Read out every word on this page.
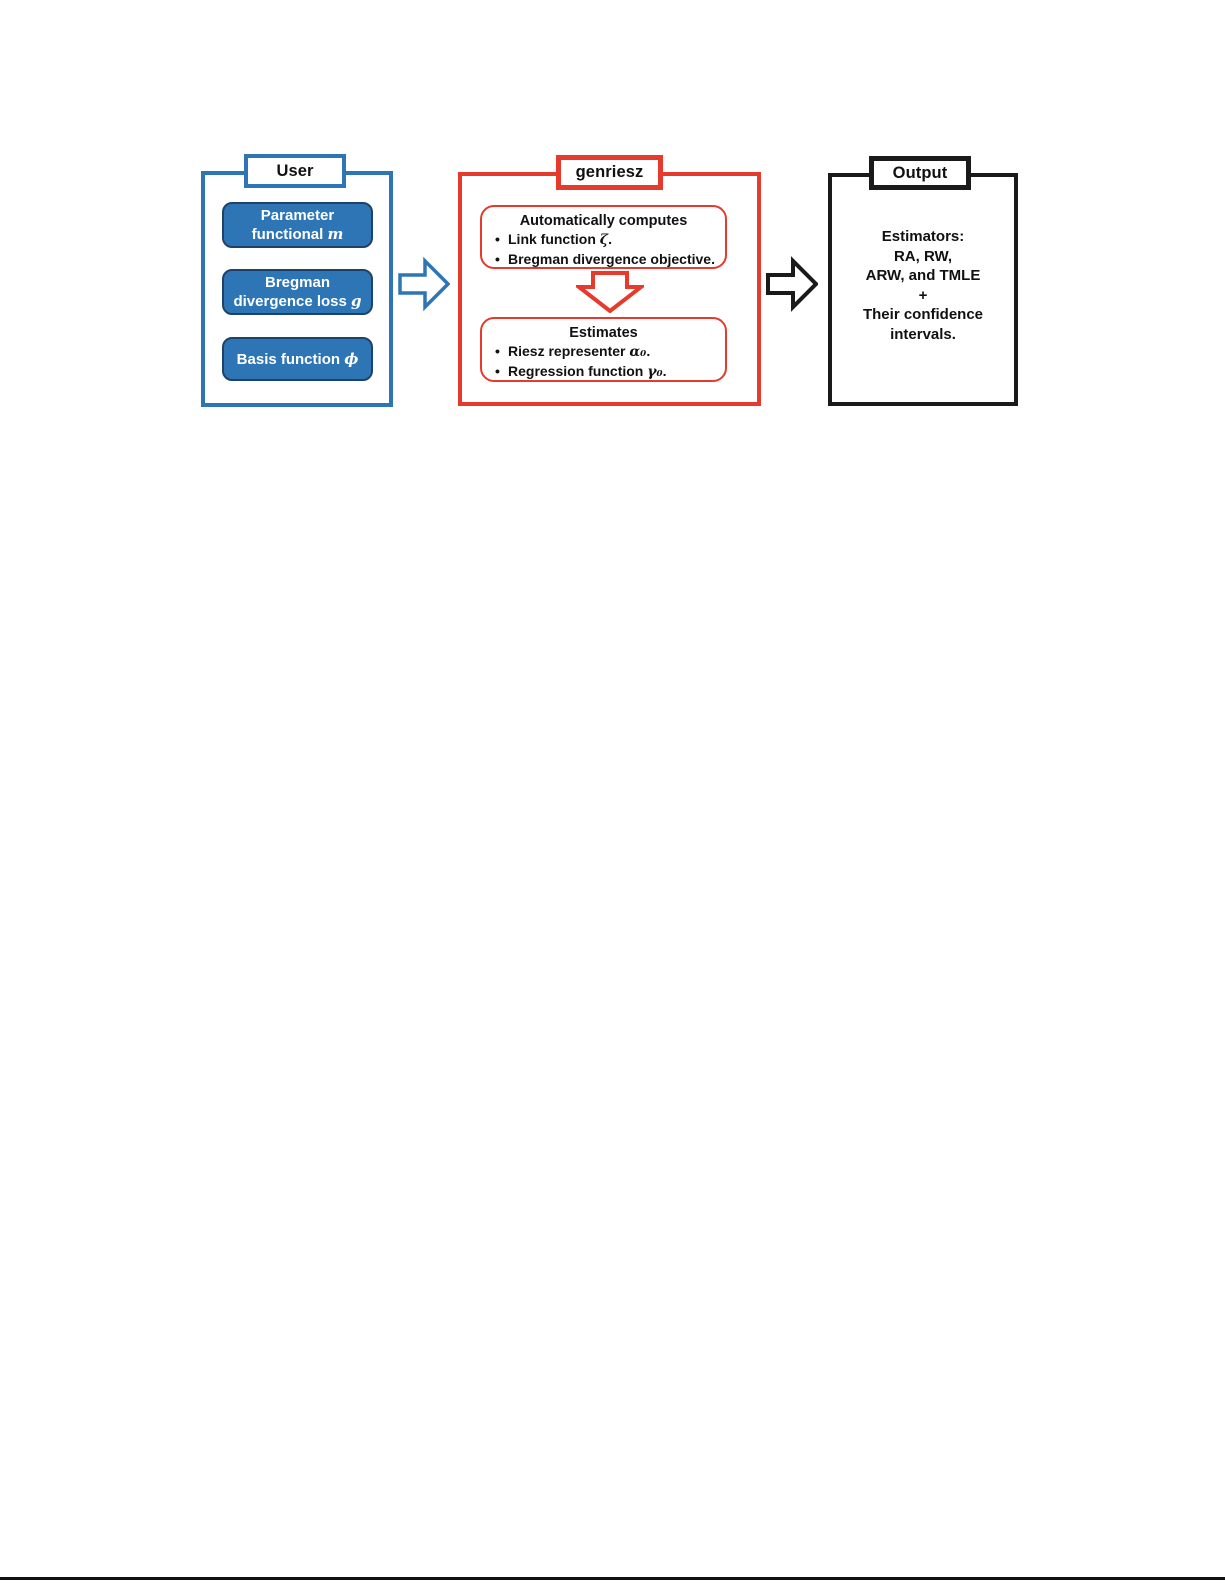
User
Parameter functional m
Bregman divergence loss g
Basis function ϕ
genriesz
Automatically computes
• Link function ζ.
• Bregman divergence objective.
Estimates
• Riesz representer α₀.
• Regression function γ₀.
Output
Estimators:
RA, RW,
ARW, and TMLE
+
Their confidence
intervals.
